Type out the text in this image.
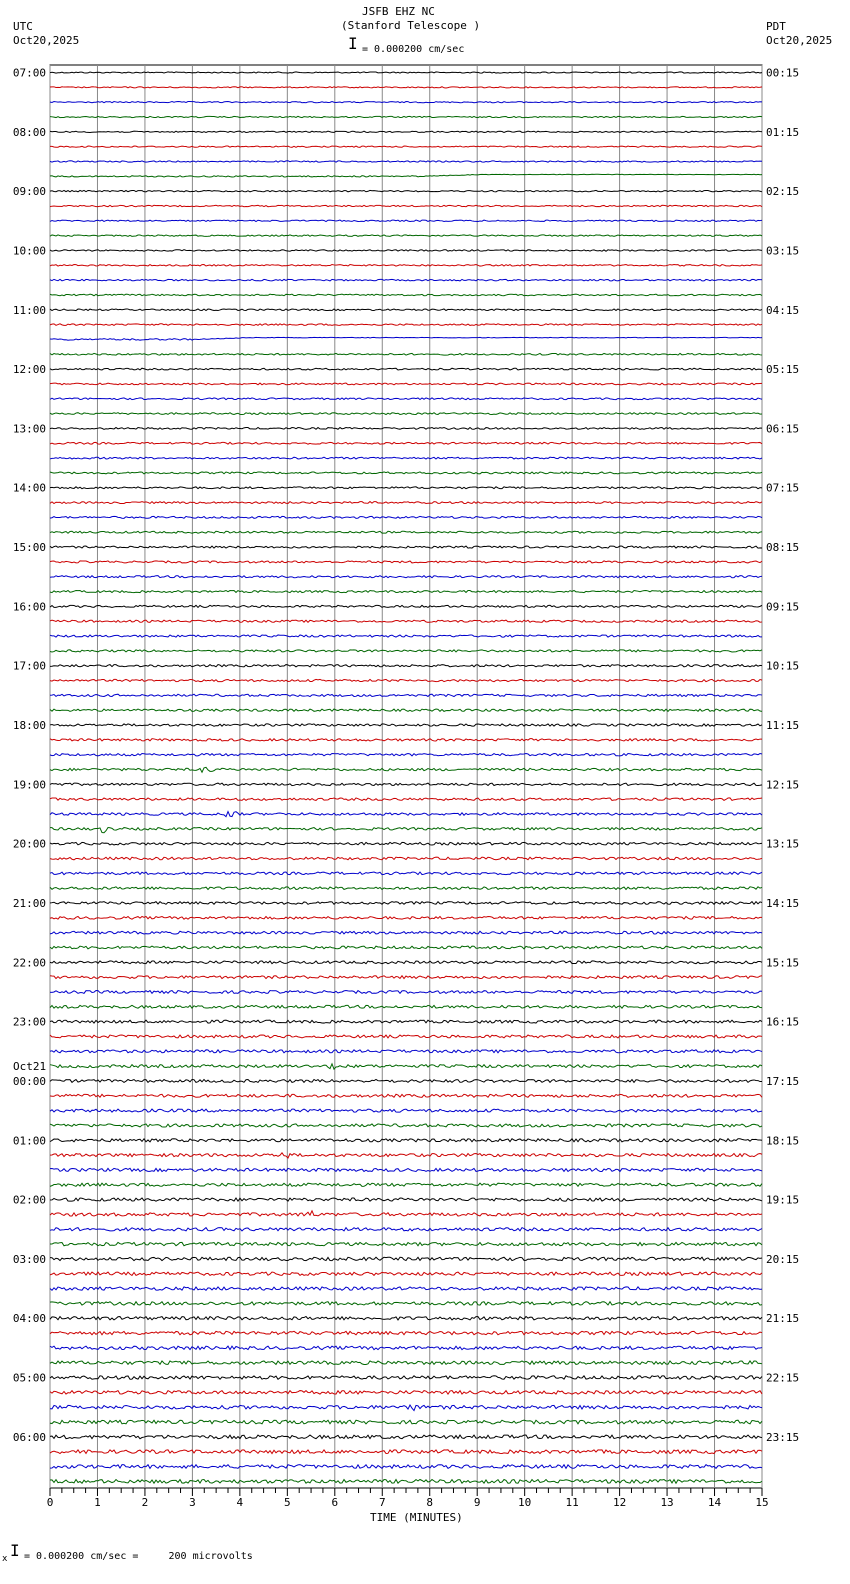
JSFB EHZ NC
(Stanford Telescope )
I = 0.000200 cm/sec
UTC
Oct20,2025
PDT
Oct20,2025
07:00	00:15
08:00	01:15
09:00	02:15
10:00	03:15
11:00	04:15
12:00	05:15
13:00	06:15
14:00	07:15
15:00	08:15
16:00	09:15
17:00	10:15
18:00	11:15
19:00	12:15
20:00	13:15
21:00	14:15
22:00	15:15
23:00	16:15
00:00	17:15
01:00	18:15
02:00	19:15
03:00	20:15
04:00	21:15
05:00	22:15
06:00	23:15
Oct21
0	1	2	3	4	5	6	7	8	9	10	11	12	13	14	15
TIME (MINUTES)
x I = 0.000200 cm/sec =     200 microvolts
